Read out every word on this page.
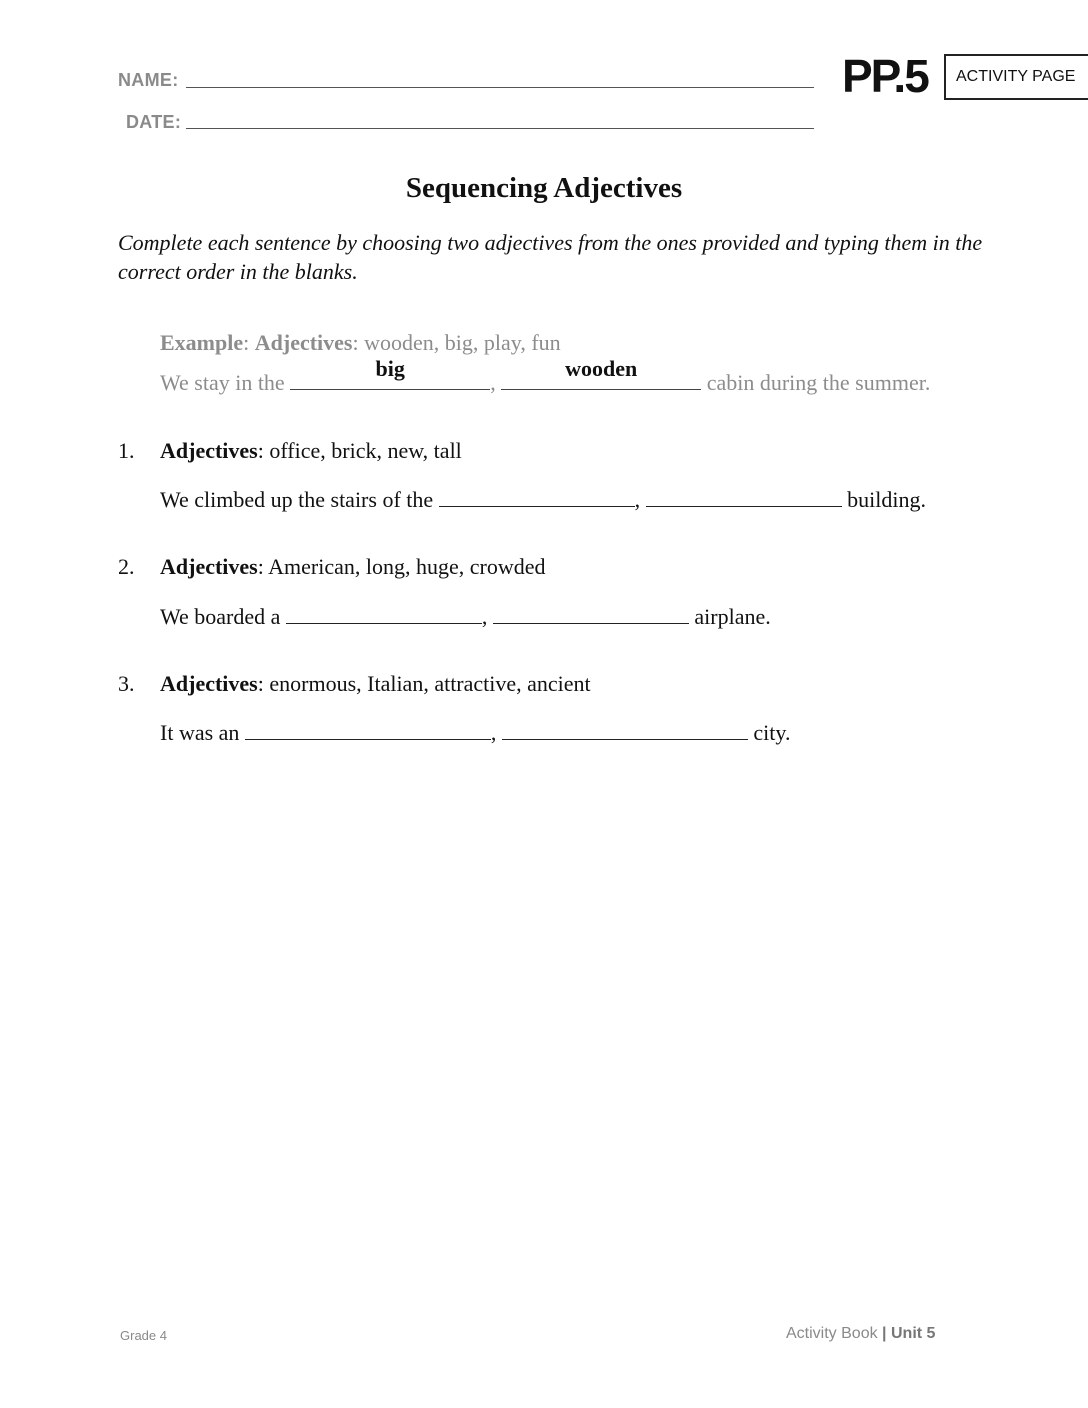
NAME:
DATE:
PP.5 ACTIVITY PAGE
Sequencing Adjectives
Complete each sentence by choosing two adjectives from the ones provided and typing them in the correct order in the blanks.
Example: Adjectives: wooden, big, play, fun
We stay in the
big
,
wooden
cabin during the summer.
1. Adjectives: office, brick, new, tall
We climbed up the stairs of the	,	building.
2. Adjectives: American, long, huge, crowded
We boarded a	,	airplane.
3. Adjectives: enormous, Italian, attractive, ancient
It was an	,	city.
Grade 4	Activity Book | Unit 5
